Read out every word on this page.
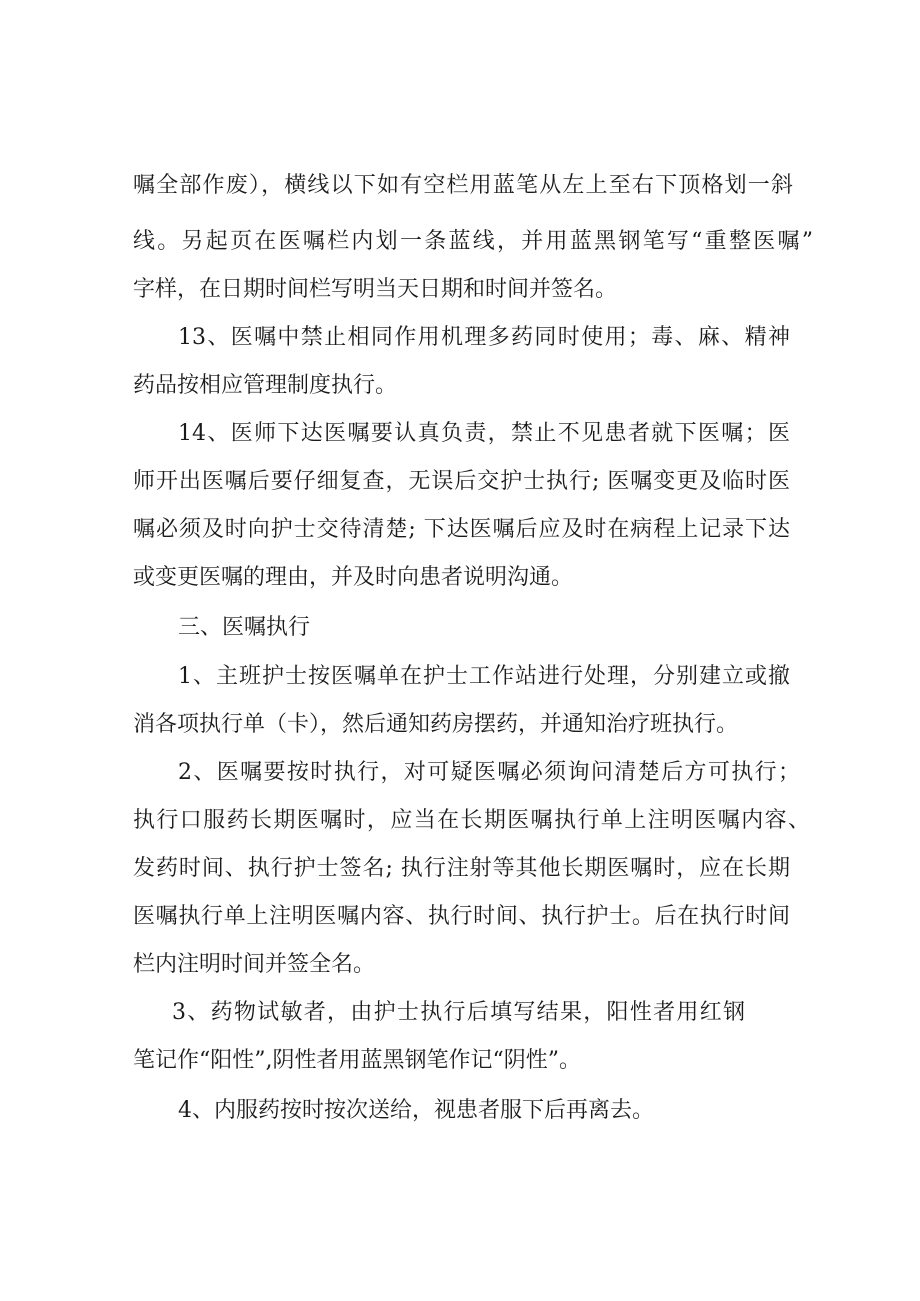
嘱全部作废），横线以下如有空栏用蓝笔从左上至右下顶格划一斜
线。另起页在医嘱栏内划一条蓝线，并用蓝黑钢笔写“重整医嘱”
字样，在日期时间栏写明当天日期和时间并签名。
13、医嘱中禁止相同作用机理多药同时使用；毒、麻、精神
药品按相应管理制度执行。
14、医师下达医嘱要认真负责，禁止不见患者就下医嘱；医
师开出医嘱后要仔细复查，无误后交护士执行; 医嘱变更及临时医
嘱必须及时向护士交待清楚; 下达医嘱后应及时在病程上记录下达
或变更医嘱的理由，并及时向患者说明沟通。
三、医嘱执行
1、主班护士按医嘱单在护士工作站进行处理，分别建立或撤
消各项执行单（卡），然后通知药房摆药，并通知治疗班执行。
2、医嘱要按时执行，对可疑医嘱必须询问清楚后方可执行；
执行口服药长期医嘱时，应当在长期医嘱执行单上注明医嘱内容、
发药时间、执行护士签名; 执行注射等其他长期医嘱时，应在长期
医嘱执行单上注明医嘱内容、执行时间、执行护士。后在执行时间
栏内注明时间并签全名。
3、药物试敏者，由护士执行后填写结果，阳性者用红钢
笔记作“阳性”,阴性者用蓝黑钢笔作记“阴性”。
4、内服药按时按次送给，视患者服下后再离去。
